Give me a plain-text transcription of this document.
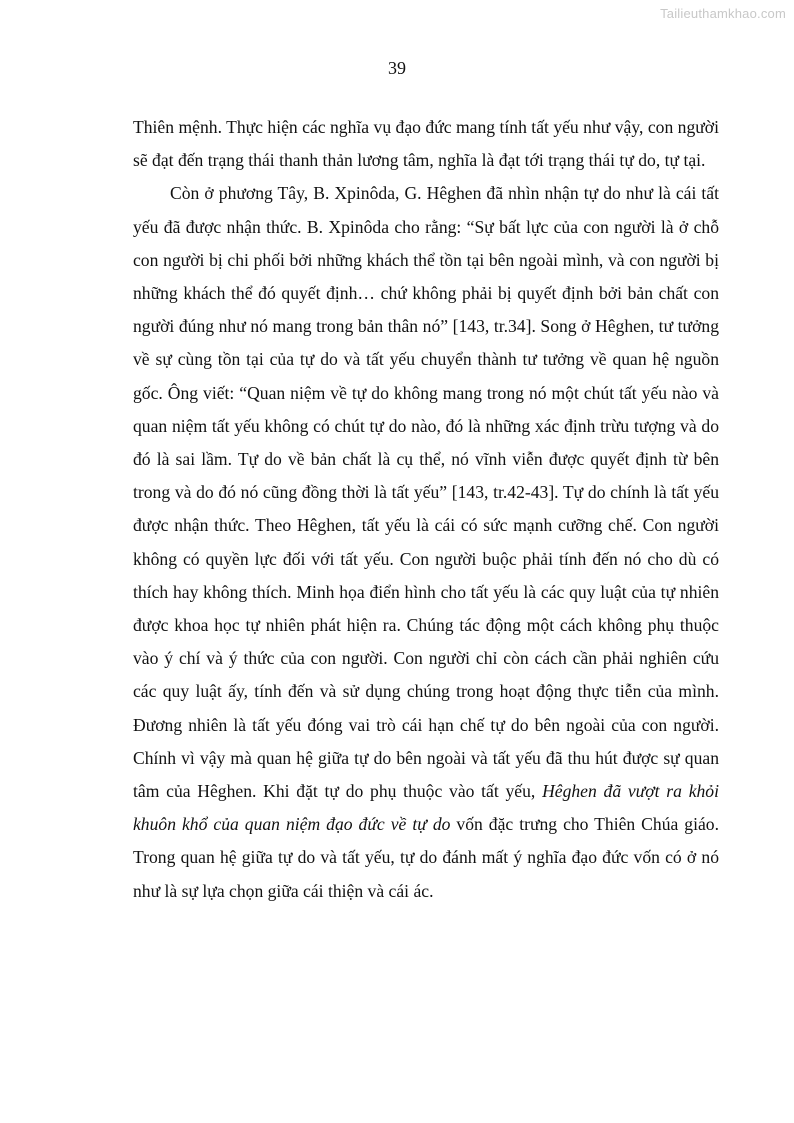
Tailieuthamkhao.com
39

Thiên mệnh. Thực hiện các nghĩa vụ đạo đức mang tính tất yếu như vậy, con người sẽ đạt đến trạng thái thanh thản lương tâm, nghĩa là đạt tới trạng thái tự do, tự tại.

Còn ở phương Tây, B. Xpinôda, G. Hêghen đã nhìn nhận tự do như là cái tất yếu đã được nhận thức. B. Xpinôda cho rằng: “Sự bất lực của con người là ở chỗ con người bị chi phối bởi những khách thể tồn tại bên ngoài mình, và con người bị những khách thể đó quyết định… chứ không phải bị quyết định bởi bản chất con người đúng như nó mang trong bản thân nó” [143, tr.34]. Song ở Hêghen, tư tưởng về sự cùng tồn tại của tự do và tất yếu chuyển thành tư tưởng về quan hệ nguồn gốc. Ông viết: “Quan niệm về tự do không mang trong nó một chút tất yếu nào và quan niệm tất yếu không có chút tự do nào, đó là những xác định trừu tượng và do đó là sai lầm. Tự do về bản chất là cụ thể, nó vĩnh viễn được quyết định từ bên trong và do đó nó cũng đồng thời là tất yếu” [143, tr.42-43]. Tự do chính là tất yếu được nhận thức. Theo Hêghen, tất yếu là cái có sức mạnh cưỡng chế. Con người không có quyền lực đối với tất yếu. Con người buộc phải tính đến nó cho dù có thích hay không thích. Minh họa điển hình cho tất yếu là các quy luật của tự nhiên được khoa học tự nhiên phát hiện ra. Chúng tác động một cách không phụ thuộc vào ý chí và ý thức của con người. Con người chỉ còn cách cần phải nghiên cứu các quy luật ấy, tính đến và sử dụng chúng trong hoạt động thực tiễn của mình. Đương nhiên là tất yếu đóng vai trò cái hạn chế tự do bên ngoài của con người. Chính vì vậy mà quan hệ giữa tự do bên ngoài và tất yếu đã thu hút được sự quan tâm của Hêghen. Khi đặt tự do phụ thuộc vào tất yếu, Hêghen đã vượt ra khỏi khuôn khổ của quan niệm đạo đức về tự do vốn đặc trưng cho Thiên Chúa giáo. Trong quan hệ giữa tự do và tất yếu, tự do đánh mất ý nghĩa đạo đức vốn có ở nó như là sự lựa chọn giữa cái thiện và cái ác.
